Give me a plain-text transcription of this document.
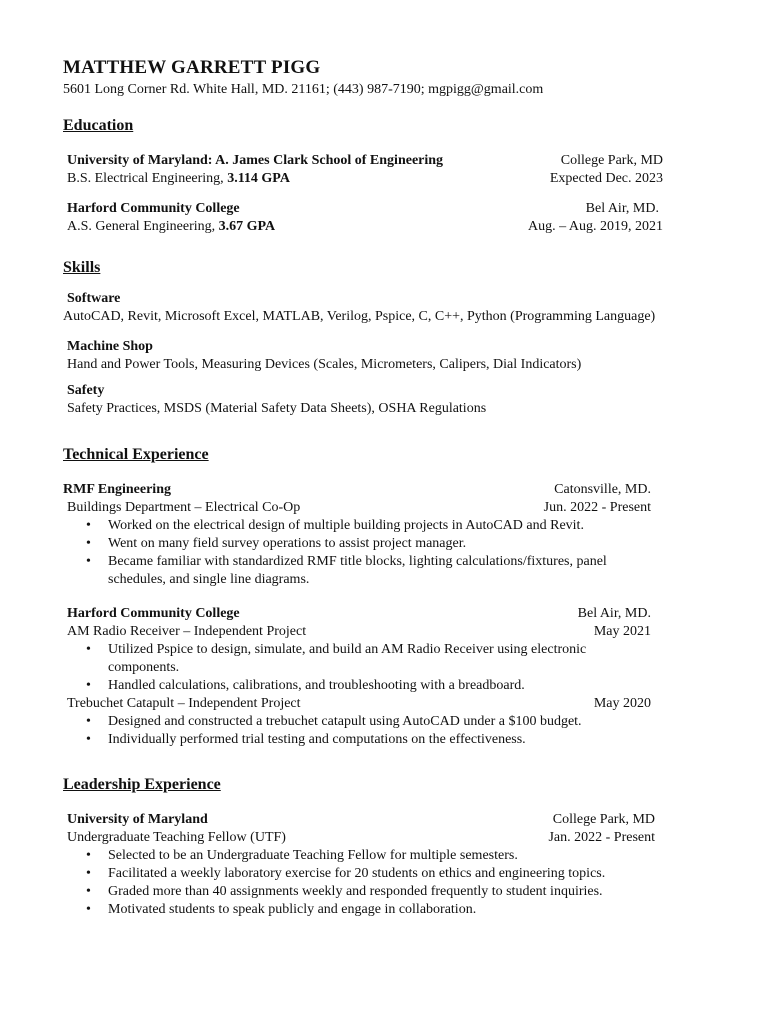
MATTHEW GARRETT PIGG
5601 Long Corner Rd. White Hall, MD. 21161; (443) 987-7190; mgpigg@gmail.com
Education
University of Maryland: A. James Clark School of Engineering	College Park, MD
B.S. Electrical Engineering, 3.114 GPA	Expected Dec. 2023
Harford Community College	Bel Air, MD.
A.S. General Engineering, 3.67 GPA	Aug. – Aug. 2019, 2021
Skills
Software
AutoCAD, Revit, Microsoft Excel, MATLAB, Verilog, Pspice, C, C++, Python (Programming Language)
Machine Shop
Hand and Power Tools, Measuring Devices (Scales, Micrometers, Calipers, Dial Indicators)
Safety
Safety Practices, MSDS (Material Safety Data Sheets), OSHA Regulations
Technical Experience
RMF Engineering	Catonsville, MD.
Buildings Department – Electrical Co-Op	Jun. 2022 - Present
• Worked on the electrical design of multiple building projects in AutoCAD and Revit.
• Went on many field survey operations to assist project manager.
• Became familiar with standardized RMF title blocks, lighting calculations/fixtures, panel schedules, and single line diagrams.
Harford Community College	Bel Air, MD.
AM Radio Receiver – Independent Project	May 2021
• Utilized Pspice to design, simulate, and build an AM Radio Receiver using electronic components.
• Handled calculations, calibrations, and troubleshooting with a breadboard.
Trebuchet Catapult – Independent Project	May 2020
• Designed and constructed a trebuchet catapult using AutoCAD under a $100 budget.
• Individually performed trial testing and computations on the effectiveness.
Leadership Experience
University of Maryland	College Park, MD
Undergraduate Teaching Fellow (UTF)	Jan. 2022 - Present
• Selected to be an Undergraduate Teaching Fellow for multiple semesters.
• Facilitated a weekly laboratory exercise for 20 students on ethics and engineering topics.
• Graded more than 40 assignments weekly and responded frequently to student inquiries.
• Motivated students to speak publicly and engage in collaboration.
